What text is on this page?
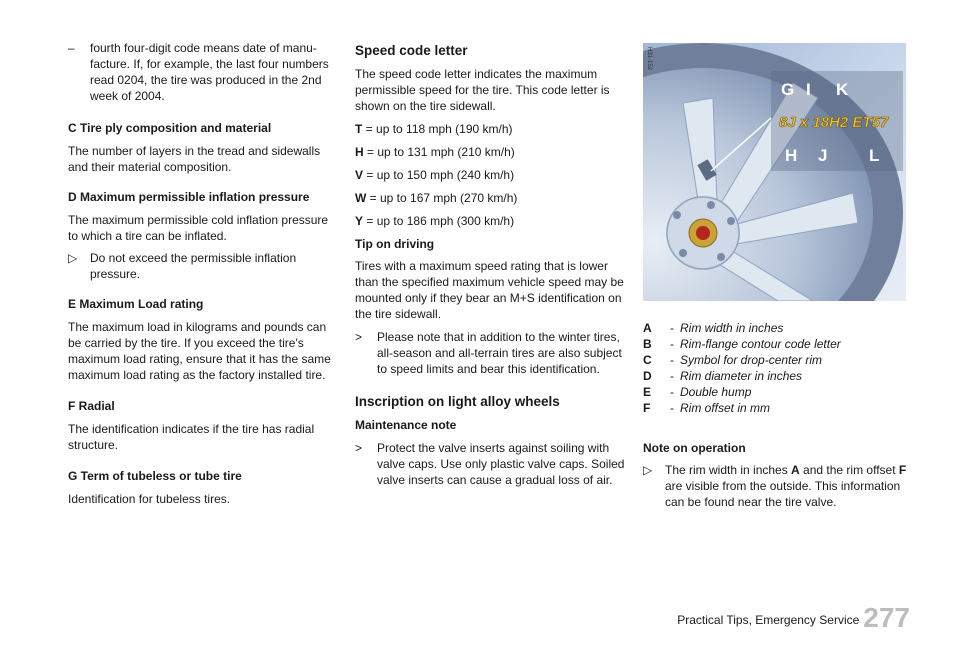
–	fourth four-digit code means date of manu-facture. If, for example, the last four numbers read 0204, the tire was produced in the 2nd week of 2004.

C Tire ply composition and material

The number of layers in the tread and sidewalls and their material composition.

D Maximum permissible inflation pressure

The maximum permissible cold inflation pressure to which a tire can be inflated.

▷	Do not exceed the permissible inflation pressure.

E Maximum Load rating

The maximum load in kilograms and pounds can be carried by the tire. If you exceed the tire's maximum load rating, ensure that it has the same maximum load rating as the factory installed tire.

F Radial

The identification indicates if the tire has radial structure.

G Term of tubeless or tube tire

Identification for tubeless tires.

Speed code letter

The speed code letter indicates the maximum permissible speed for the tire. This code letter is shown on the tire sidewall.

T = up to 118 mph (190 km/h)

H = up to 131 mph (210 km/h)

V = up to 150 mph (240 km/h)

W = up to 167 mph (270 km/h)

Y = up to 186 mph (300 km/h)

Tip on driving

Tires with a maximum speed rating that is lower than the specified maximum vehicle speed may be mounted only if they bear an M+S identification on the tire sidewall.

>	Please note that in addition to the winter tires, all-season and all-terrain tires are also subject to speed limits and bear this identification.

Inscription on light alloy wheels

Maintenance note

>	Protect the valve inserts against soiling with valve caps. Use only plastic valve caps. Soiled valve inserts can cause a gradual loss of air.
G I K
H J L
8J x 18H2 ET57
H31-152
A	- Rim width in inches
B	- Rim-flange contour code letter
C	- Symbol for drop-center rim
D	- Rim diameter in inches
E	- Double hump
F	- Rim offset in mm

Note on operation

▷	The rim width in inches A and the rim offset F are visible from the outside. This information can be found near the tire valve.
Practical Tips, Emergency Service 277
